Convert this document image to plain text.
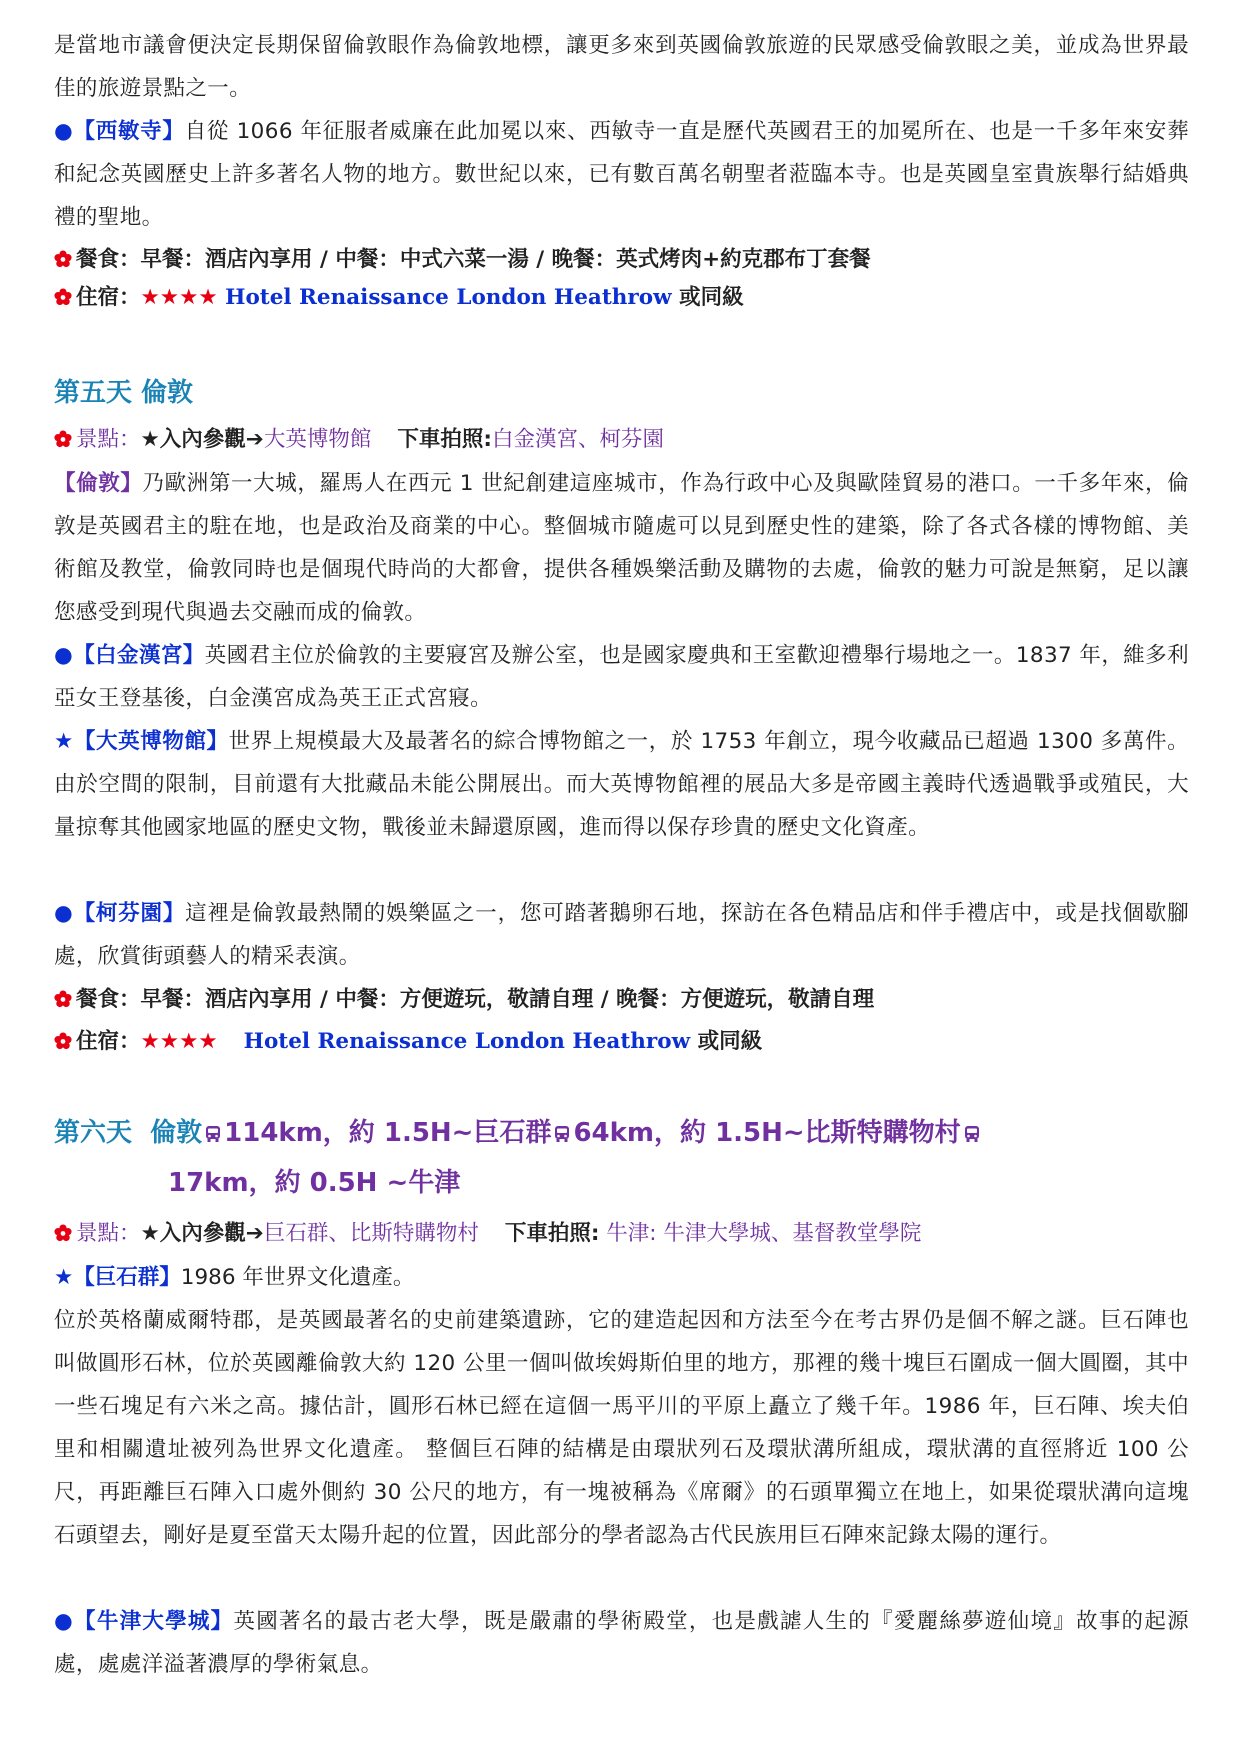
是當地市議會便決定長期保留倫敦眼作為倫敦地標，讓更多來到英國倫敦旅遊的民眾感受倫敦眼之美，並成為世界最佳的旅遊景點之一。

●【西敏寺】自從 1066 年征服者威廉在此加冕以來、西敏寺一直是歷代英國君王的加冕所在、也是一千多年來安葬和紀念英國歷史上許多著名人物的地方。數世紀以來，已有數百萬名朝聖者蒞臨本寺。也是英國皇室貴族舉行結婚典禮的聖地。

餐食：早餐：酒店內享用 / 中餐：中式六菜一湯 / 晚餐：英式烤肉+約克郡布丁套餐

住宿：★★★★ Hotel Renaissance London Heathrow 或同級

第五天 倫敦

景點：★入內參觀➔大英博物館 下車拍照:白金漢宮、柯芬園

【倫敦】乃歐洲第一大城，羅馬人在西元 1 世紀創建這座城市，作為行政中心及與歐陸貿易的港口。一千多年來，倫敦是英國君主的駐在地，也是政治及商業的中心。整個城市隨處可以見到歷史性的建築，除了各式各樣的博物館、美術館及教堂，倫敦同時也是個現代時尚的大都會，提供各種娛樂活動及購物的去處，倫敦的魅力可說是無窮，足以讓您感受到現代與過去交融而成的倫敦。

●【白金漢宮】英國君主位於倫敦的主要寢宮及辦公室，也是國家慶典和王室歡迎禮舉行場地之一。1837 年，維多利亞女王登基後，白金漢宮成為英王正式宮寢。

★【大英博物館】世界上規模最大及最著名的綜合博物館之一，於 1753 年創立，現今收藏品已超過 1300 多萬件。由於空間的限制，目前還有大批藏品未能公開展出。而大英博物館裡的展品大多是帝國主義時代透過戰爭或殖民，大量掠奪其他國家地區的歷史文物，戰後並未歸還原國，進而得以保存珍貴的歷史文化資產。

●【柯芬園】這裡是倫敦最熱鬧的娛樂區之一，您可踏著鵝卵石地，探訪在各色精品店和伴手禮店中，或是找個歇腳處，欣賞街頭藝人的精采表演。

餐食：早餐：酒店內享用 / 中餐：方便遊玩，敬請自理 / 晚餐：方便遊玩，敬請自理

住宿：★★★★ Hotel Renaissance London Heathrow 或同級

第六天 倫敦 114km，約 1.5H~巨石群 64km，約 1.5H~比斯特購物村
17km，約 0.5H ~牛津

景點：★入內參觀➔巨石群、比斯特購物村 下車拍照: 牛津: 牛津大學城、基督教堂學院

★【巨石群】1986 年世界文化遺產。

位於英格蘭威爾特郡，是英國最著名的史前建築遺跡，它的建造起因和方法至今在考古界仍是個不解之謎。巨石陣也叫做圓形石林，位於英國離倫敦大約 120 公里一個叫做埃姆斯伯里的地方，那裡的幾十塊巨石圍成一個大圓圈，其中一些石塊足有六米之高。據估計，圓形石林已經在這個一馬平川的平原上矗立了幾千年。1986 年，巨石陣、埃夫伯里和相關遺址被列為世界文化遺產。 整個巨石陣的結構是由環狀列石及環狀溝所組成，環狀溝的直徑將近 100 公尺，再距離巨石陣入口處外側約 30 公尺的地方，有一塊被稱為《席爾》的石頭單獨立在地上，如果從環狀溝向這塊石頭望去，剛好是夏至當天太陽升起的位置，因此部分的學者認為古代民族用巨石陣來記錄太陽的運行。

●【牛津大學城】英國著名的最古老大學，既是嚴肅的學術殿堂，也是戲謔人生的『愛麗絲夢遊仙境』故事的起源處，處處洋溢著濃厚的學術氣息。
